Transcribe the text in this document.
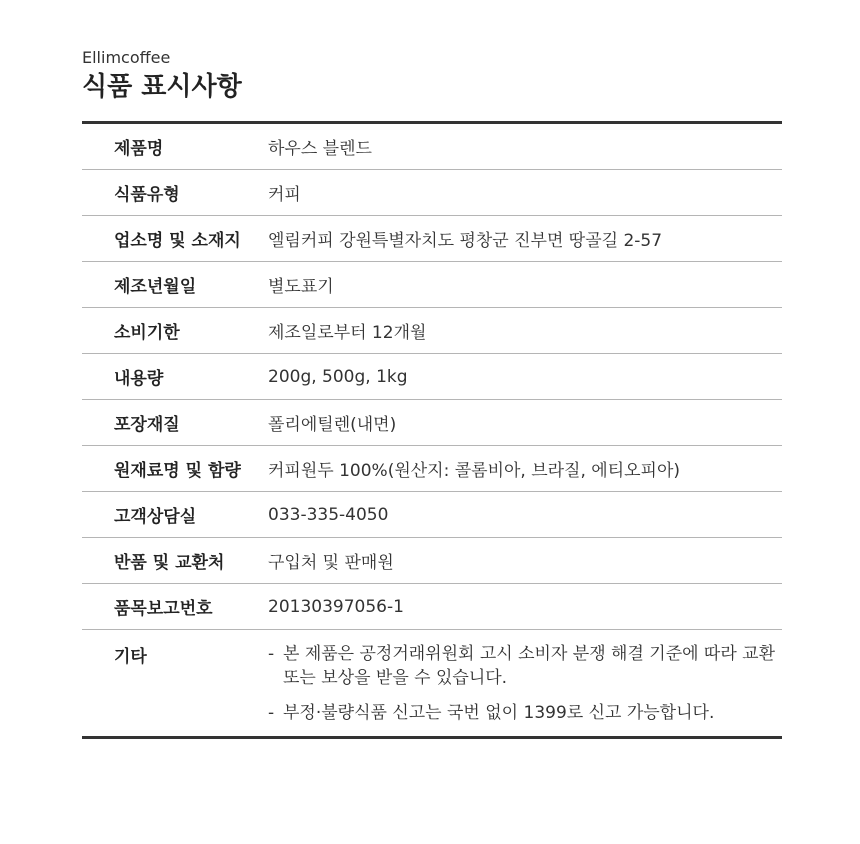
Ellimcoffee

식품 표시사항
제품명	하우스 블렌드
식품유형	커피
업소명 및 소재지	엘림커피 강원특별자치도 평창군 진부면 땅골길 2-57
제조년월일	별도표기
소비기한	제조일로부터 12개월
내용량	200g, 500g, 1kg
포장재질	폴리에틸렌(내면)
원재료명 및 함량	커피원두 100%(원산지: 콜롬비아, 브라질, 에티오피아)
고객상담실	033-335-4050
반품 및 교환처	구입처 및 판매원
품목보고번호	20130397056-1
기타	- 본 제품은 공정거래위원회 고시 소비자 분쟁 해결 기준에 따라 교환 또는 보상을 받을 수 있습니다.
- 부정·불량식품 신고는 국번 없이 1399로 신고 가능합니다.
